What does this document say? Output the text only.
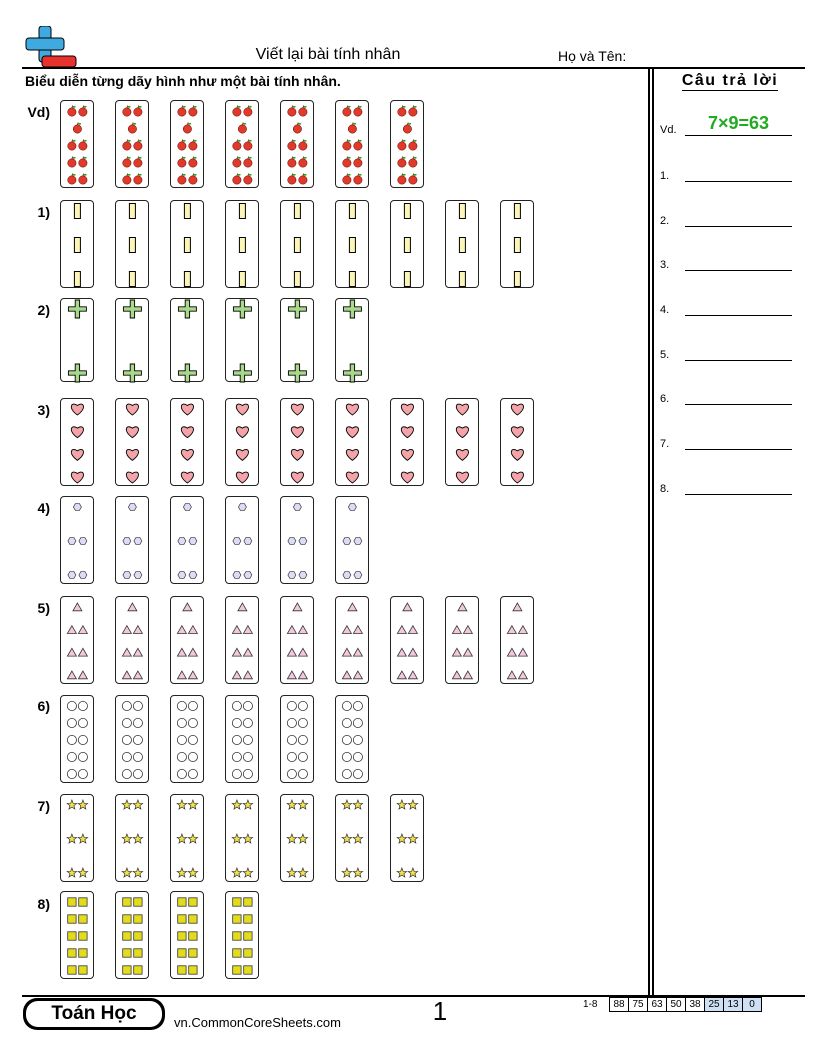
Viết lại bài tính nhân	Họ và Tên:
Biểu diễn từng dãy hình như một bài tính nhân.	Câu trả lời
Vd.	7×9=63
1.
2.
3.
4.
5.
6.
7.
8.
Vd)
1)
2)
3)
4)
5)
6)
7)
8)
Toán Học	vn.CommonCoreSheets.com	1	1-8 88	75	63	50	38	25	13	0
